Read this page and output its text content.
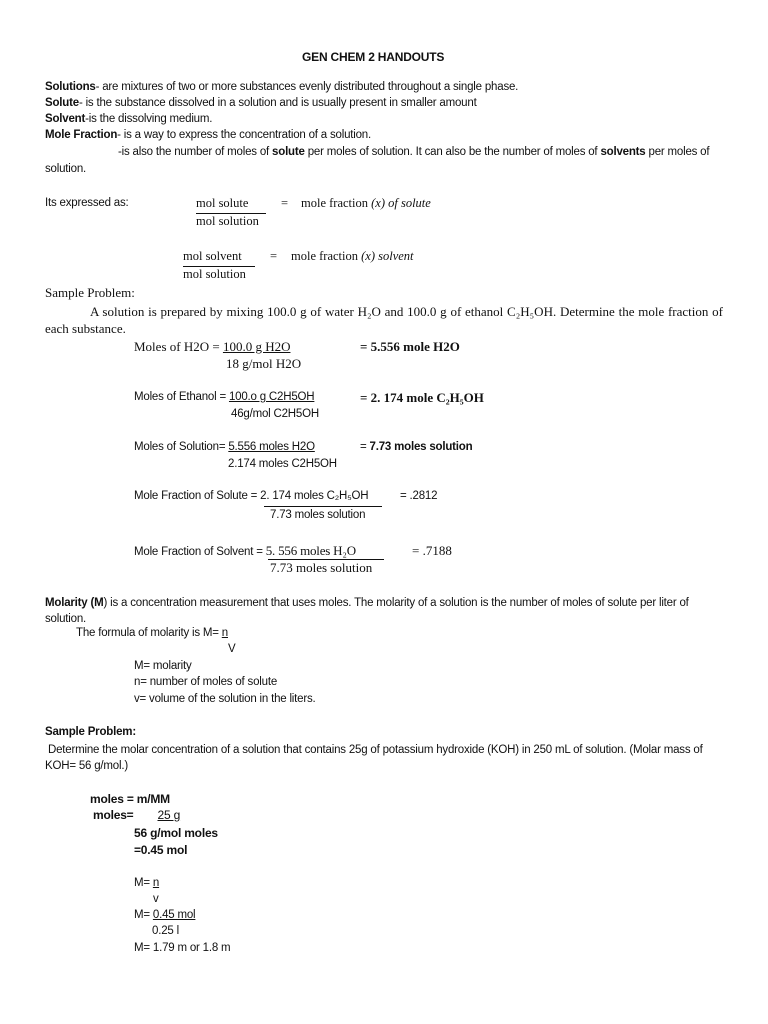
GEN CHEM 2 HANDOUTS
Solutions- are mixtures of two or more substances evenly distributed throughout a single phase.
Solute- is the substance dissolved in a solution and is usually present in smaller amount
Solvent-is the dissolving medium.
Mole Fraction- is a way to express the concentration of a solution.
-is also the number of moles of solute per moles of solution. It can also be the number of moles of solvents per moles of
solution.
Its expressed as:	mol solute
mol solution
= mole fraction (x) of solute
mol solvent
mol solution
= mole fraction (x) solvent
Sample Problem:
A solution is prepared by mixing 100.0 g of water H₂O and 100.0 g of ethanol C₂H₅OH. Determine the mole fraction of each substance.
Moles of H2O = 100.0 g H2O
18 g/mol H2O
= 5.556 mole H2O
Moles of Ethanol = 100.o g C2H5OH
46g/mol C2H5OH
= 2. 174 mole C₂H₅OH
Moles of Solution= 5.556 moles H2O
2.174 moles C2H5OH
= 7.73 moles solution
Mole Fraction of Solute = 2. 174 moles C₂H₅OH
7.73 moles solution
= .2812
Mole Fraction of Solvent = 5. 556 moles H₂O
7.73 moles solution
= .7188
Molarity (M) is a concentration measurement that uses moles. The molarity of a solution is the number of moles of solute per liter of solution.
The formula of molarity is M= n
V
M= molarity
n= number of moles of solute
v= volume of the solution in the liters.
Sample Problem:
Determine the molar concentration of a solution that contains 25g of potassium hydroxide (KOH) in 250 mL of solution. (Molar mass of KOH= 56 g/mol.)
moles = m/MM
moles= 25 g
56 g/mol moles
=0.45 mol
M= n
v
M= 0.45 mol
0.25 l
M= 1.79 m or 1.8 m
